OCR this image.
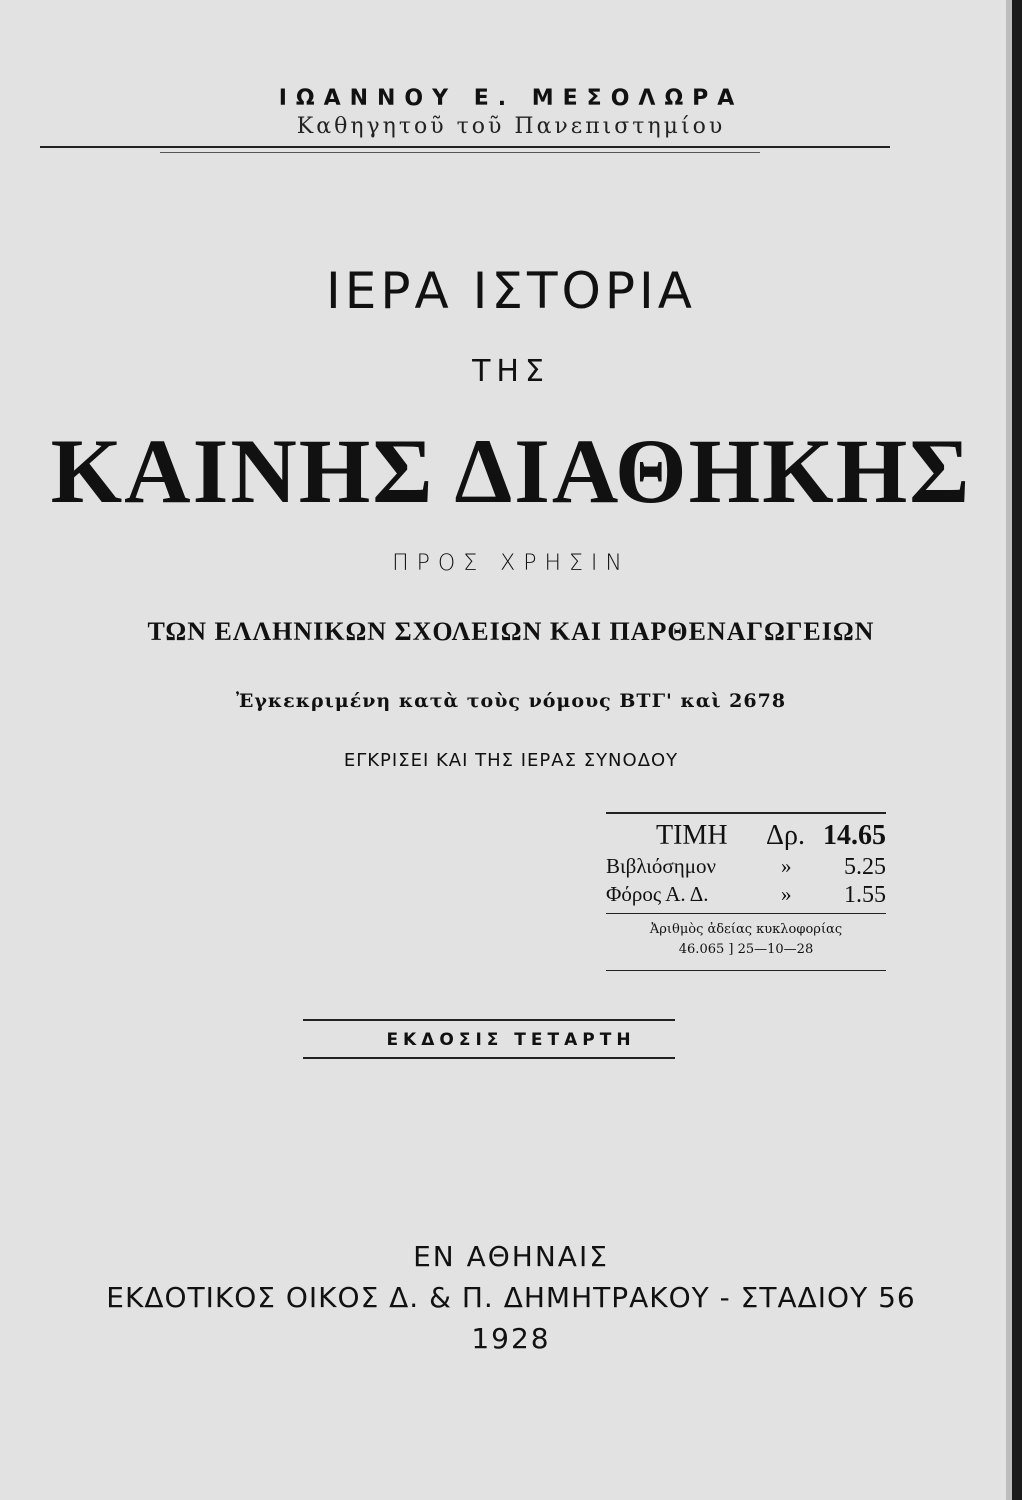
ΙΩΑΝΝΟΥ Ε. ΜΕΣΟΛΩΡΑ
Καθηγητοῦ τοῦ Πανεπιστημίου
ΙΕΡΑ ΙΣΤΟΡΙΑ
ΤΗΣ
ΚΑΙΝΗΣ ΔΙΑΘΗΚΗΣ
ΠΡΟΣ ΧΡΗΣΙΝ
ΤΩΝ ΕΛΛΗΝΙΚΩΝ ΣΧΟΛΕΙΩΝ ΚΑΙ ΠΑΡΘΕΝΑΓΩΓΕΙΩΝ
Ἐγκεκριμένη κατὰ τοὺς νόμους ΒΤΓ' καὶ 2678
ΕΓΚΡΙΣΕΙ ΚΑΙ ΤΗΣ ΙΕΡΑΣ ΣΥΝΟΔΟΥ
ΤΙΜΗ Δρ. 14.65
Βιβλιόσημον	» 5.25
Φόρος Α. Δ.	» 1.55
Ἀριθμὸς ἀδείας κυκλοφορίας
46.065 ] 25—10—28
ΕΚΔΟΣΙΣ ΤΕΤΑΡΤΗ
ΕΝ ΑΘΗΝΑΙΣ
ΕΚΔΟΤΙΚΟΣ ΟΙΚΟΣ Δ. & Π. ΔΗΜΗΤΡΑΚΟΥ - ΣΤΑΔΙΟΥ 56
1928
